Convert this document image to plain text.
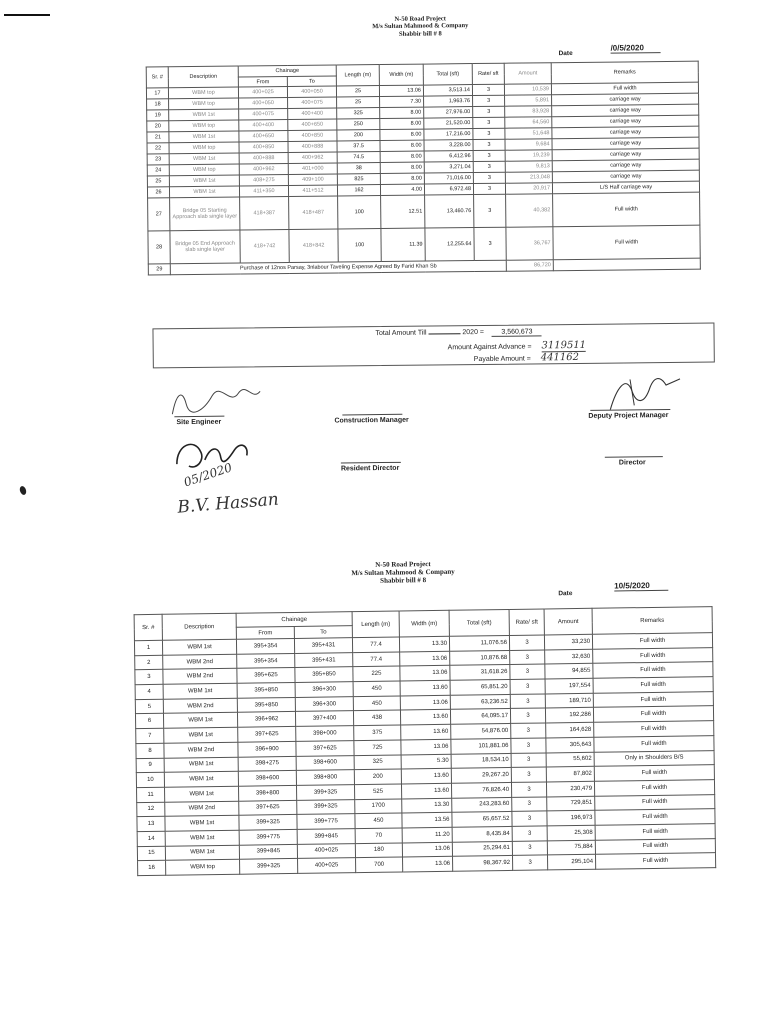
N-50 Road Project
M/s Sultan Mahmood & Company
Shabbir bill # 8
Date
/0/5/2020
Sr. #	Description	Chainage		Length (m)	Width (m)	Total (sft)	Rate/ sft	Amount	Remarks
		From	To						
17	WBM top	400+025	400+050	25	13.06	3,513.14	3	10,539	Full width
18	WBM top	400+050	400+075	25	7.30	1,963.76	3	5,891	carriage way
19	WBM 1st	400+075	400+400	325	8.00	27,976.00	3	83,928	carriage way
20	WBM top	400+400	400+650	250	8.00	21,520.00	3	64,560	carriage way
21	WBM 1st	400+650	400+850	200	8.00	17,216.00	3	51,648	carriage way
22	WBM top	400+850	400+888	37.5	8.00	3,228.00	3	9,684	carriage way
23	WBM 1st	400+888	400+962	74.5	8.00	6,412.96	3	19,239	carriage way
24	WBM top	400+962	401+000	38	8.00	3,271.04	3	9,813	carriage way
25	WBM 1st	408+275	409+100	825	8.00	71,016.00	3	213,048	carriage way
26	WBM 1st	411+350	411+512	162	4.00	6,972.48	3	20,917	L/S Half carriage way
27	Bridge 05 Starting Approach slab single layer	418+387	418+487	100	12.51	13,460.76	3	40,382	Full width
28	Bridge 05 End Approach slab single layer	418+742	418+842	100	11.39	12,255.64	3	36,767	Full width
29	Purchase of 12nos Parsay, 3nlabour Taveling Expense Agreed By Farid Khan Sb							86,720	
Total Amount Till	2020 = 3,560,673
Amount Against Advance = 3119511
Payable Amount = 441162
Site Engineer	Construction Manager
Deputy Project Manager
Resident Director
Director
05/2020
B.V. Hassan
N-50 Road Project
M/s Sultan Mahmood & Company
Shabbir bill # 8
Date
10/5/2020
Sr. #	Description	Chainage		Length (m)	Width (m)	Total (sft)	Rate/ sft	Amount	Remarks
		From	To						
1	WBM 1st	395+354	395+431	77.4	13.30	11,076.56	3	33,230	Full width
2	WBM 2nd	395+354	395+431	77.4	13.06	10,876.68	3	32,630	Full width
3	WBM 2nd	395+625	395+850	225	13.06	31,618.26	3	94,855	Full width
4	WBM 1st	395+850	396+300	450	13.60	65,851.20	3	197,554	Full width
5	WBM 2nd	395+850	396+300	450	13.06	63,236.52	3	189,710	Full width
6	WBM 1st	396+962	397+400	438	13.60	64,095.17	3	192,286	Full width
7	WBM 1st	397+625	398+000	375	13.60	54,876.00	3	164,628	Full width
8	WBM 2nd	396+900	397+625	725	13.06	101,881.06	3	305,643	Full width
9	WBM 1st	398+275	398+600	325	5.30	18,534.10	3	55,602	Only in Shoulders B/S
10	WBM 1st	398+600	398+800	200	13.60	29,267.20	3	87,802	Full width
11	WBM 1st	398+800	399+325	525	13.60	76,826.40	3	230,479	Full width
12	WBM 2nd	397+625	399+325	1700	13.30	243,283.60	3	729,851	Full width
13	WBM 1st	399+325	399+775	450	13.56	65,657.52	3	196,973	Full width
14	WBM 1st	399+775	399+845	70	11.20	8,435.84	3	25,308	Full width
15	WBM 1st	399+845	400+025	180	13.06	25,294.61	3	75,884	Full width
16	WBM top	399+325	400+025	700	13.06	98,367.92	3	295,104	Full width
